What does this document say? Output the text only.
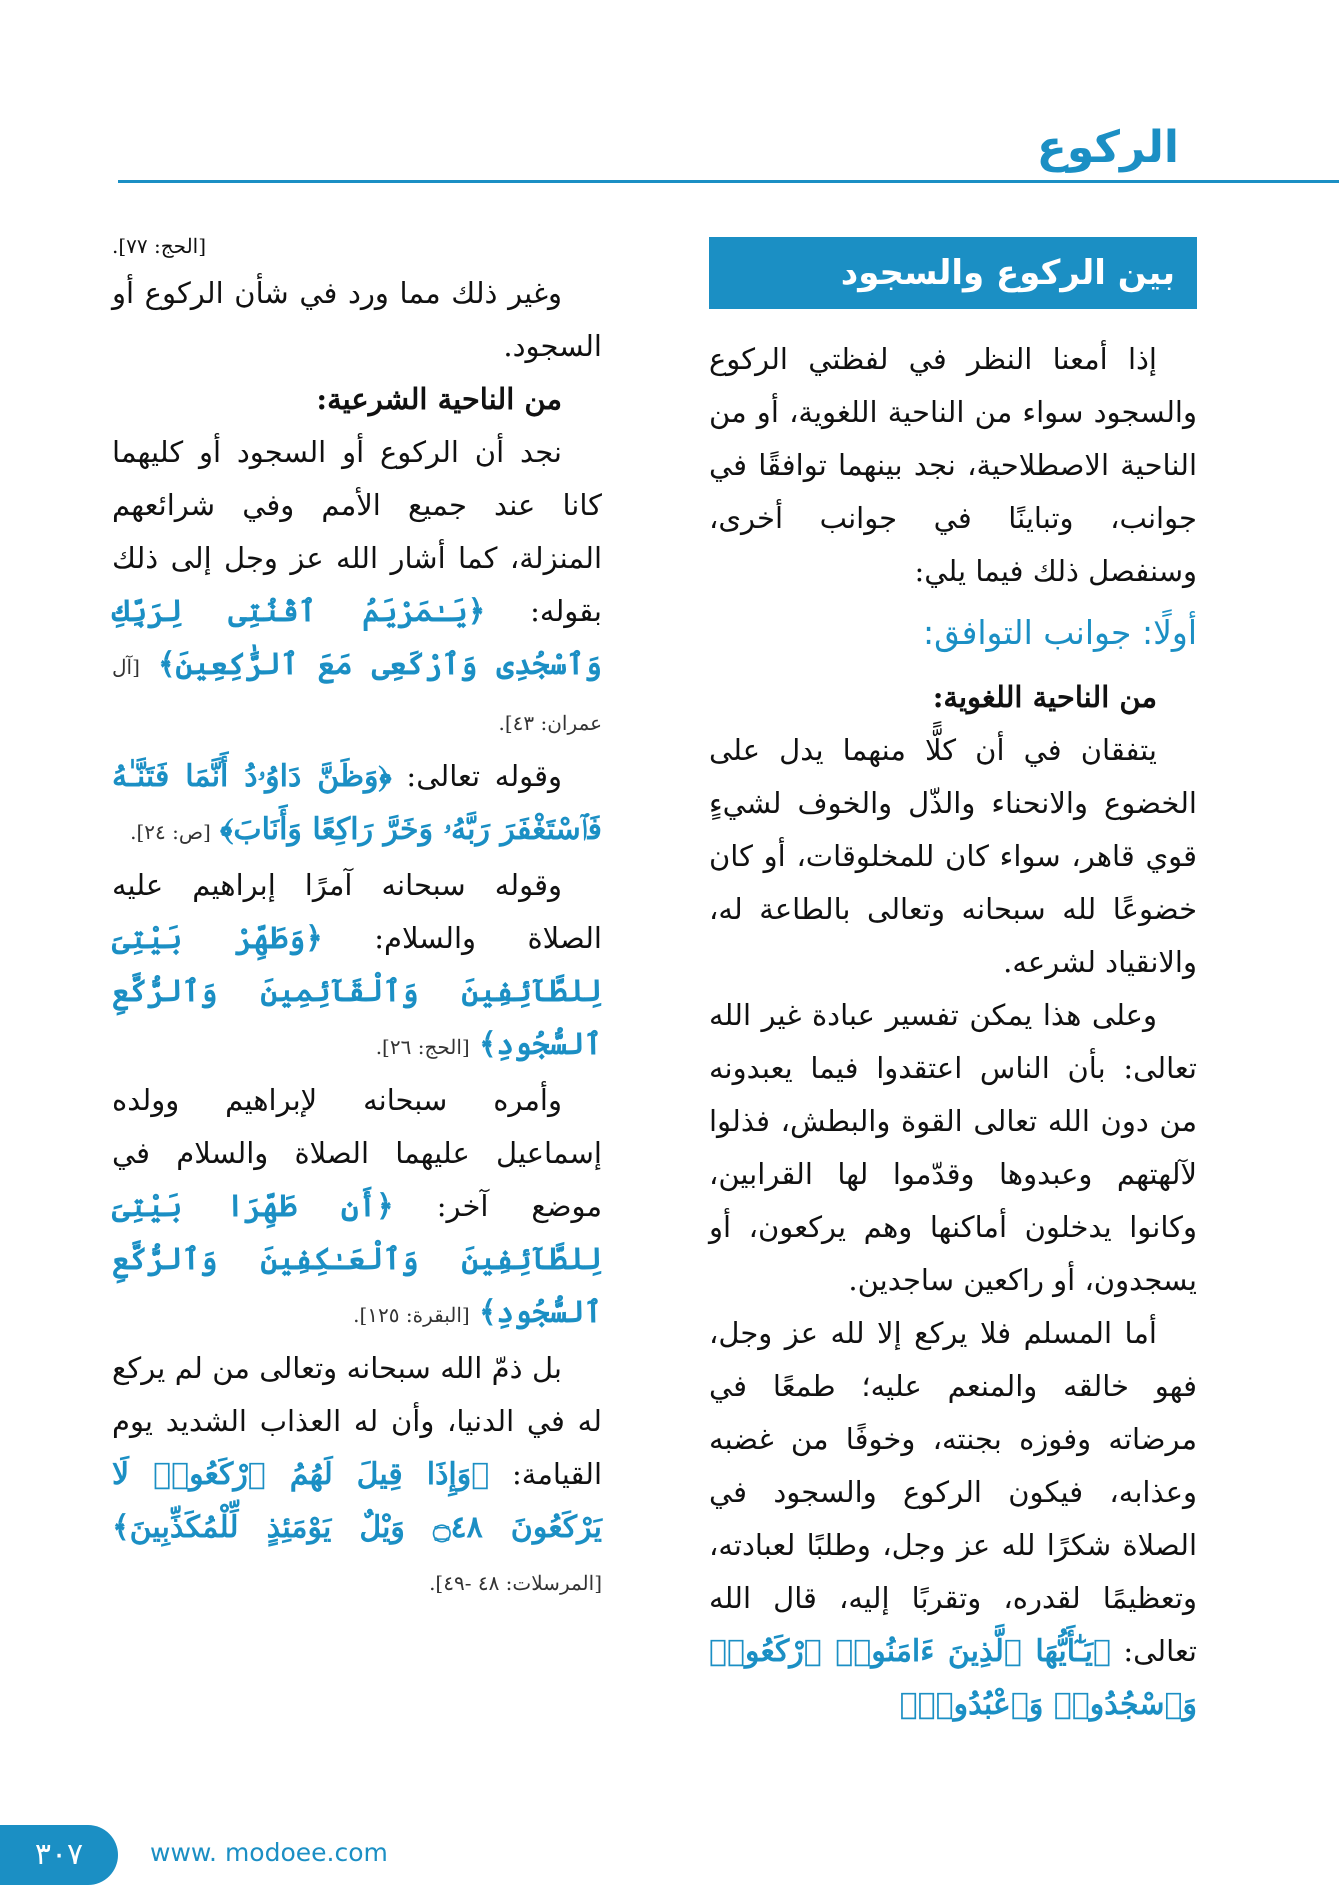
الركوع
بين الركوع والسجود

إذا أمعنا النظر في لفظتي الركوع والسجود سواء من الناحية اللغوية، أو من الناحية الاصطلاحية، نجد بينهما توافقًا في جوانب، وتباينًا في جوانب أخرى، وسنفصل ذلك فيما يلي:

أولًا: جوانب التوافق:

من الناحية اللغوية:

يتفقان في أن كلًّا منهما يدل على الخضوع والانحناء والذّل والخوف لشيءٍ قوي قاهر، سواء كان للمخلوقات، أو كان خضوعًا لله سبحانه وتعالى بالطاعة له، والانقياد لشرعه.

وعلى هذا يمكن تفسير عبادة غير الله تعالى: بأن الناس اعتقدوا فيما يعبدونه من دون الله تعالى القوة والبطش، فذلوا لآلهتهم وعبدوها وقدّموا لها القرابين، وكانوا يدخلون أماكنها وهم يركعون، أو يسجدون، أو راكعين ساجدين.

أما المسلم فلا يركع إلا لله عز وجل، فهو خالقه والمنعم عليه؛ طمعًا في مرضاته وفوزه بجنته، وخوفًا من غضبه وعذابه، فيكون الركوع والسجود في الصلاة شكرًا لله عز وجل، وطلبًا لعبادته، وتعظيمًا لقدره، وتقربًا إليه، قال الله تعالى: ﴿يَـٰٓأَيُّهَا ٱلَّذِينَ ءَامَنُوا۟ ٱرْكَعُوا۟ وَٱسْجُدُوا۟ وَٱعْبُدُوا۟﴾

[الحج: ٧٧].

وغير ذلك مما ورد في شأن الركوع أو السجود.

من الناحية الشرعية:

نجد أن الركوع أو السجود أو كليهما كانا عند جميع الأمم وفي شرائعهم المنزلة، كما أشار الله عز وجل إلى ذلك بقوله: ﴿يَـٰمَرْيَمُ ٱقْنُتِى لِرَبِّكِ وَٱسْجُدِى وَٱرْكَعِى مَعَ ٱلرَّٰكِعِينَ﴾ [آل عمران: ٤٣].

وقوله تعالى: ﴿وَظَنَّ دَاوُۥدُ أَنَّمَا فَتَنَّـٰهُ فَٱسْتَغْفَرَ رَبَّهُۥ وَخَرَّ رَاكِعًا وَأَنَابَ﴾ [ص: ٢٤].

وقوله سبحانه آمرًا إبراهيم عليه الصلاة والسلام: ﴿وَطَهِّرْ بَيْتِىَ لِلطَّآئِفِينَ وَٱلْقَآئِمِينَ وَٱلرُّكَّعِ ٱلسُّجُودِ﴾ [الحج: ٢٦].

وأمره سبحانه لإبراهيم وولده إسماعيل عليهما الصلاة والسلام في موضع آخر: ﴿أَن طَهِّرَا بَيْتِىَ لِلطَّآئِفِينَ وَٱلْعَـٰكِفِينَ وَٱلرُّكَّعِ ٱلسُّجُودِ﴾ [البقرة: ١٢٥].

بل ذمّ الله سبحانه وتعالى من لم يركع له في الدنيا، وأن له العذاب الشديد يوم القيامة: ﴿وَإِذَا قِيلَ لَهُمُ ٱرْكَعُوا۟ لَا يَرْكَعُونَ ۝٤٨ وَيْلٌ يَوْمَئِذٍ لِّلْمُكَذِّبِينَ﴾ [المرسلات: ٤٨ -٤٩].

٣٠٧	www. modoee.com
